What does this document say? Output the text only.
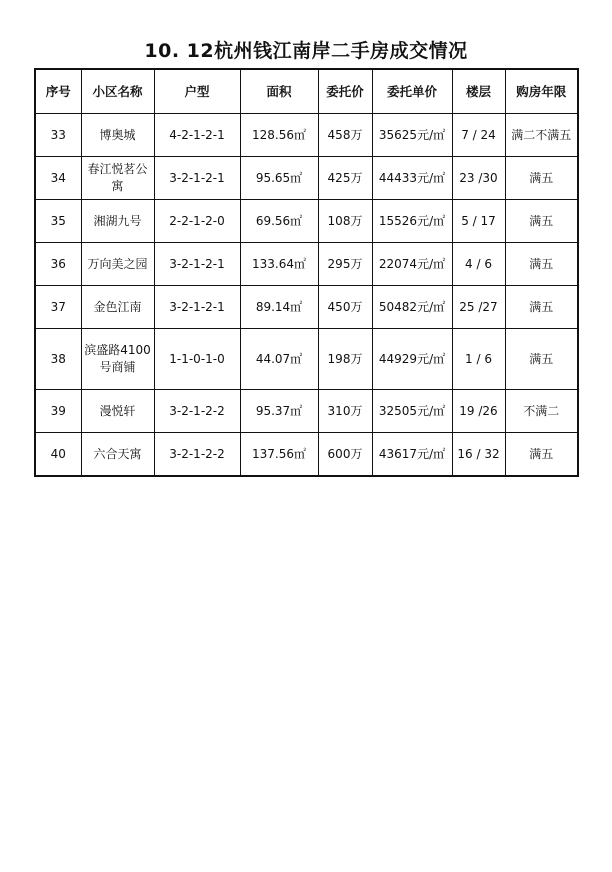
10. 12杭州钱江南岸二手房成交情况
序号	小区名称	户型	面积	委托价	委托单价	楼层	购房年限
33	博奥城	4-2-1-2-1	128.56㎡	458万	35625元/㎡	7 / 24	满二不满五
34	春江悦茗公寓	3-2-1-2-1	95.65㎡	425万	44433元/㎡	23 /30	满五
35	湘湖九号	2-2-1-2-0	69.56㎡	108万	15526元/㎡	5 / 17	满五
36	万向美之园	3-2-1-2-1	133.64㎡	295万	22074元/㎡	4 / 6	满五
37	金色江南	3-2-1-2-1	89.14㎡	450万	50482元/㎡	25 /27	满五
38	滨盛路4100号商铺	1-1-0-1-0	44.07㎡	198万	44929元/㎡	1 / 6	满五
39	漫悦轩	3-2-1-2-2	95.37㎡	310万	32505元/㎡	19 /26	不满二
40	六合天寓	3-2-1-2-2	137.56㎡	600万	43617元/㎡	16 / 32	满五
